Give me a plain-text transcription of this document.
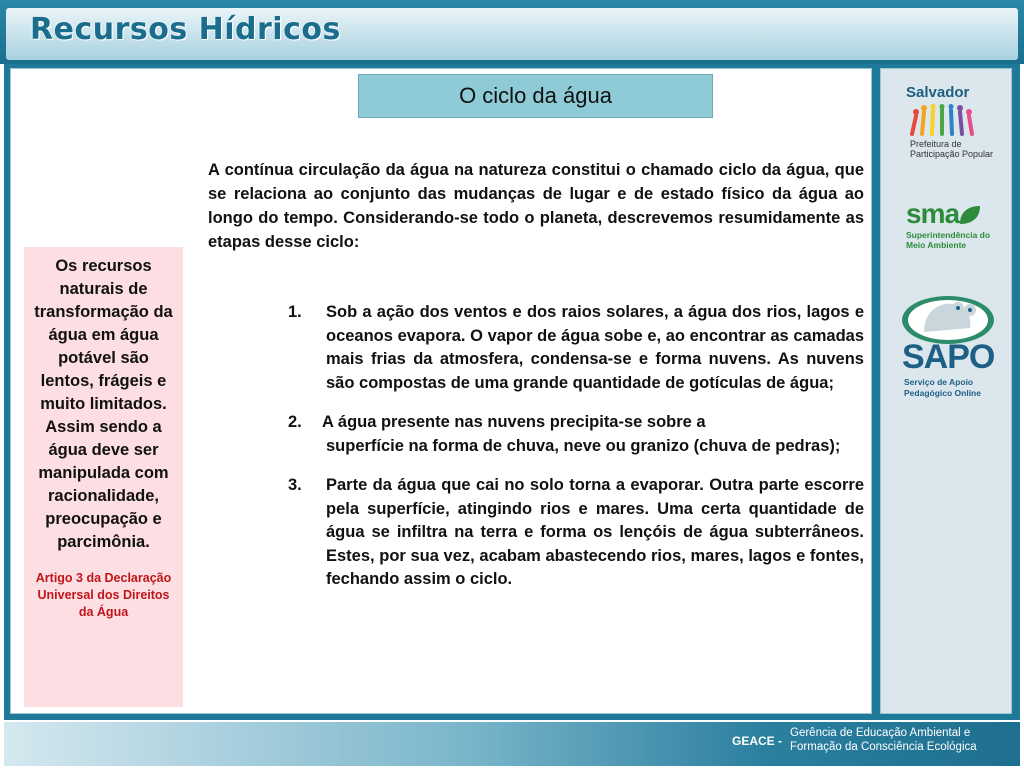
Recursos Hídricos
O ciclo da água

A contínua circulação da água na natureza constitui o chamado ciclo da água, que se relaciona ao conjunto das mudanças de lugar e de estado físico da água ao longo do tempo. Considerando-se todo o planeta, descrevemos resumidamente as etapas desse ciclo:

1. Sob a ação dos ventos e dos raios solares, a água dos rios, lagos e oceanos evapora. O vapor de água sobe e, ao encontrar as camadas mais frias da atmosfera, condensa-se e forma nuvens. As nuvens são compostas de uma grande quantidade de gotículas de água;
2. A água presente nas nuvens precipita-se sobre a
superfície na forma de chuva, neve ou granizo (chuva de pedras);
3. Parte da água que cai no solo torna a evaporar. Outra parte escorre pela superfície, atingindo rios e mares. Uma certa quantidade de água se infiltra na terra e forma os lençóis de água subterrâneos. Estes, por sua vez, acabam abastecendo rios, mares, lagos e fontes, fechando assim o ciclo.

Os recursos naturais de transformação da água em água potável são lentos, frágeis e muito limitados. Assim sendo a água deve ser manipulada com racionalidade, preocupação e parcimônia.

Artigo 3 da Declaração Universal dos Direitos da Água

Salvador
Prefeitura de Participação Popular
sma
Superintendência do Meio Ambiente
SAPO
Serviço de Apoio Pedagógico Online
GEACE -
Gerência de Educação Ambiental e Formação da Consciência Ecológica
